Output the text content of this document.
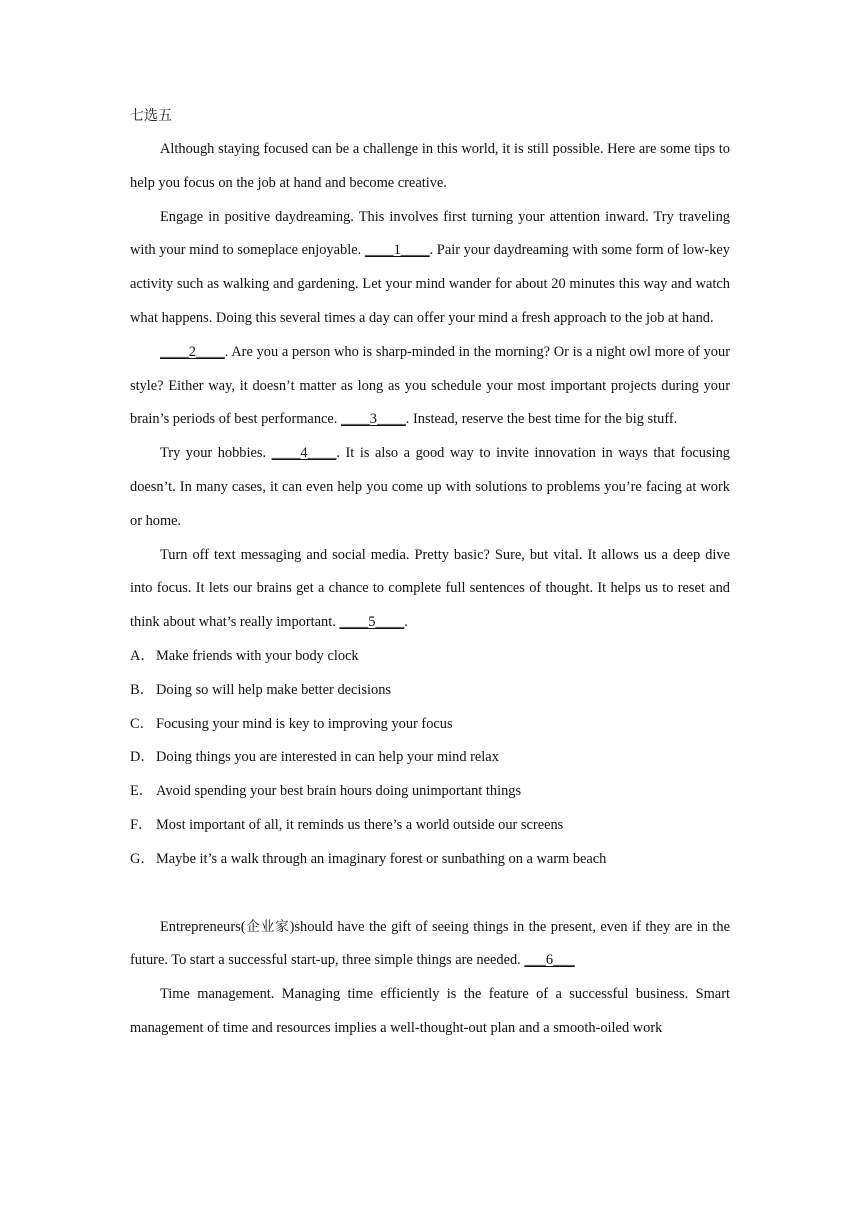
七选五

Although staying focused can be a challenge in this world, it is still possible. Here are some tips to help you focus on the job at hand and become creative.

Engage in positive daydreaming. This involves first turning your attention inward. Try traveling with your mind to someplace enjoyable. ____1____. Pair your daydreaming with some form of low-key activity such as walking and gardening. Let your mind wander for about 20 minutes this way and watch what happens. Doing this several times a day can offer your mind a fresh approach to the job at hand.

____2____. Are you a person who is sharp-minded in the morning? Or is a night owl more of your style? Either way, it doesn’t matter as long as you schedule your most important projects during your brain’s periods of best performance. ____3____. Instead, reserve the best time for the big stuff.

Try your hobbies. ____4____. It is also a good way to invite innovation in ways that focusing doesn’t. In many cases, it can even help you come up with solutions to problems you’re facing at work or home.

Turn off text messaging and social media. Pretty basic? Sure, but vital. It allows us a deep dive into focus. It lets our brains get a chance to complete full sentences of thought. It helps us to reset and think about what’s really important. ____5____.

A．Make friends with your body clock
B． Doing so will help make better decisions
C． Focusing your mind is key to improving your focus
D．Doing things you are interested in can help your mind relax
E． Avoid spending your best brain hours doing unimportant things
F． Most important of all, it reminds us there’s a world outside our screens
G．Maybe it’s a walk through an imaginary forest or sunbathing on a warm beach

Entrepreneurs(企业家)should have the gift of seeing things in the present, even if they are in the future. To start a successful start-up, three simple things are needed. ___6___

Time management. Managing time efficiently is the feature of a successful business. Smart management of time and resources implies a well-thought-out plan and a smooth-oiled work
